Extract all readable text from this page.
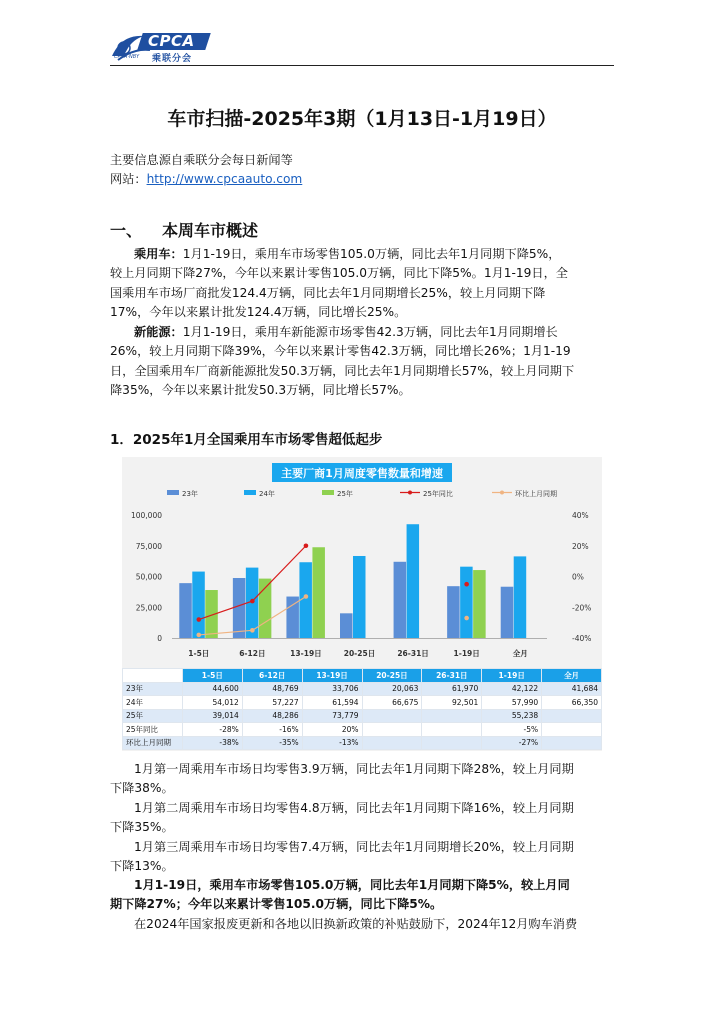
CPCA
乘联分会
CPCA·NBY
车市扫描-2025年3期（1月13日-1月19日）
主要信息源自乘联分会每日新闻等
网站：http://www.cpcaauto.com
一、 本周车市概述
乘用车：1月1-19日，乘用车市场零售105.0万辆，同比去年1月同期下降5%，
较上月同期下降27%，今年以来累计零售105.0万辆，同比下降5%。1月1-19日，全
国乘用车市场厂商批发124.4万辆，同比去年1月同期增长25%，较上月同期下降
17%，今年以来累计批发124.4万辆，同比增长25%。
新能源：1月1-19日，乘用车新能源市场零售42.3万辆，同比去年1月同期增长
26%，较上月同期下降39%，今年以来累计零售42.3万辆，同比增长26%；1月1-19
日，全国乘用车厂商新能源批发50.3万辆，同比去年1月同期增长57%，较上月同期下
降35%，今年以来累计批发50.3万辆，同比增长57%。
1．2025年1月全国乘用车市场零售超低起步
主要厂商1月周度零售数量和增速
23年	24年	25年	25年同比	环比上月同期
0
25,000
50,000
75,000
100,000
-40%
-20%
0%
20%
40%
1-5日	6-12日	13-19日	20-25日	26-31日	1-19日	全月
	1-5日	6-12日	13-19日	20-25日	26-31日	1-19日	全月
23年	44,600	48,769	33,706	20,063	61,970	42,122	41,684
24年	54,012	57,227	61,594	66,675	92,501	57,990	66,350
25年	39,014	48,286	73,779			55,238	
25年同比	-28%	-16%	20%			-5%	
环比上月同期	-38%	-35%	-13%			-27%	
1月第一周乘用车市场日均零售3.9万辆，同比去年1月同期下降28%，较上月同期
下降38%。
1月第二周乘用车市场日均零售4.8万辆，同比去年1月同期下降16%，较上月同期
下降35%。
1月第三周乘用车市场日均零售7.4万辆，同比去年1月同期增长20%，较上月同期
下降13%。
1月1-19日，乘用车市场零售105.0万辆，同比去年1月同期下降5%，较上月同
期下降27%；今年以来累计零售105.0万辆，同比下降5%。
在2024年国家报废更新和各地以旧换新政策的补贴鼓励下，2024年12月购车消费
